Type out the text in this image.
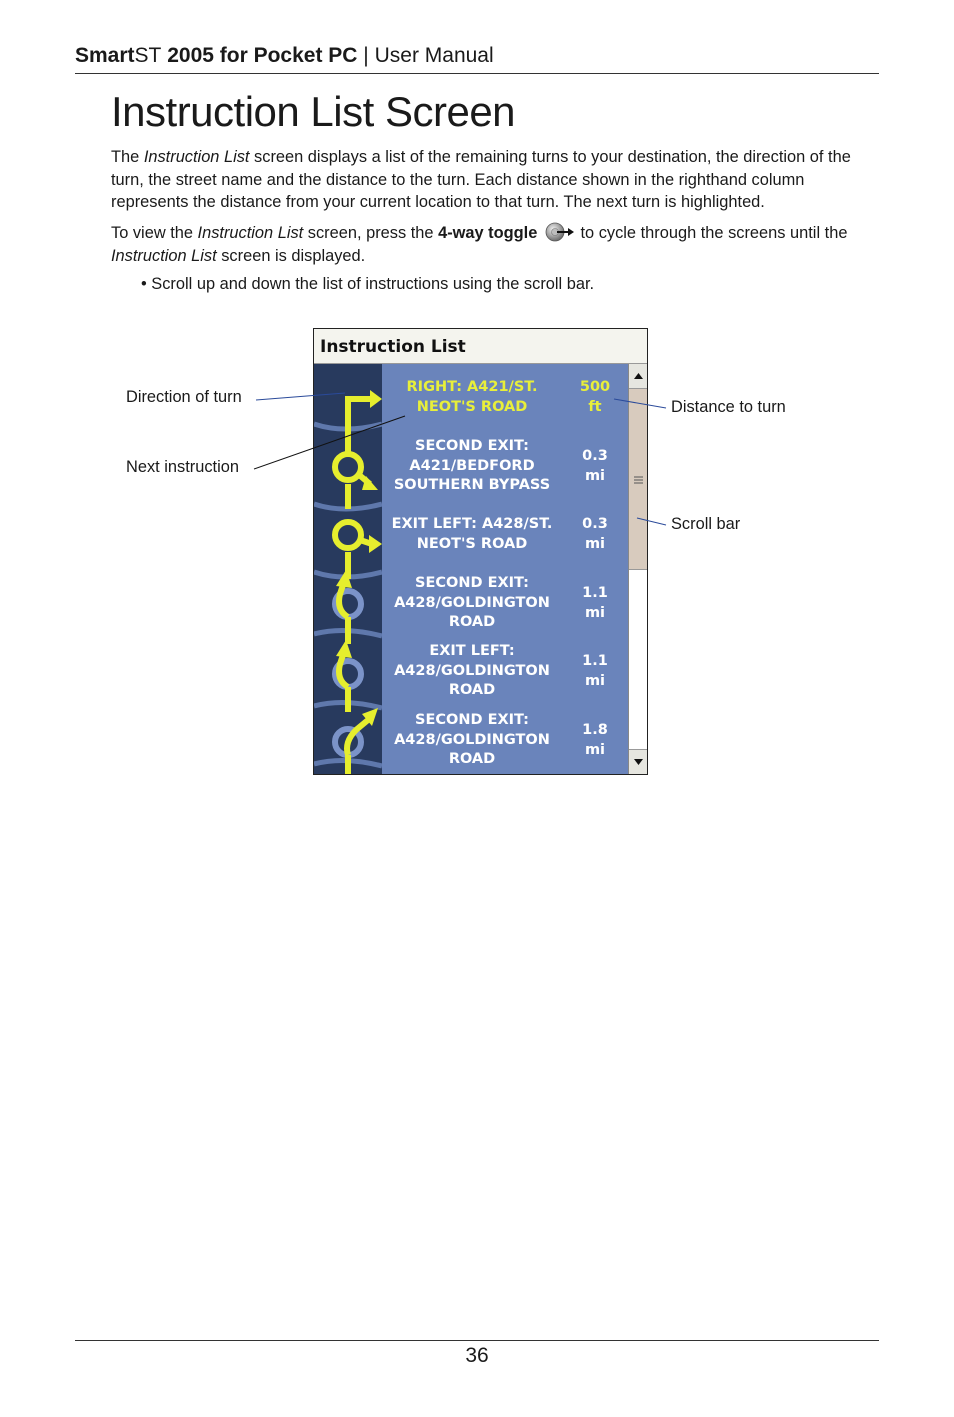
SmartST 2005 for Pocket PC | User Manual
Instruction List Screen

The Instruction List screen displays a list of the remaining turns to your destination, the direction of the turn, the street name and the distance to the turn. Each distance shown in the righthand column represents the distance from your current location to that turn. The next turn is highlighted.

To view the Instruction List screen, press the 4-way toggle  to cycle through the screens until the Instruction List screen is displayed.

• Scroll up and down the list of instructions using the scroll bar.

Instruction List
RIGHT: A421/ST.
NEOT'S ROAD
500
ft
SECOND EXIT:
A421/BEDFORD
SOUTHERN BYPASS
0.3
mi
EXIT LEFT: A428/ST.
NEOT'S ROAD
0.3
mi
SECOND EXIT:
A428/GOLDINGTON
ROAD
1.1
mi
EXIT LEFT:
A428/GOLDINGTON
ROAD
1.1
mi
SECOND EXIT:
A428/GOLDINGTON
ROAD
1.8
mi
Direction of turn
Next instruction
Distance to turn
Scroll bar
36
